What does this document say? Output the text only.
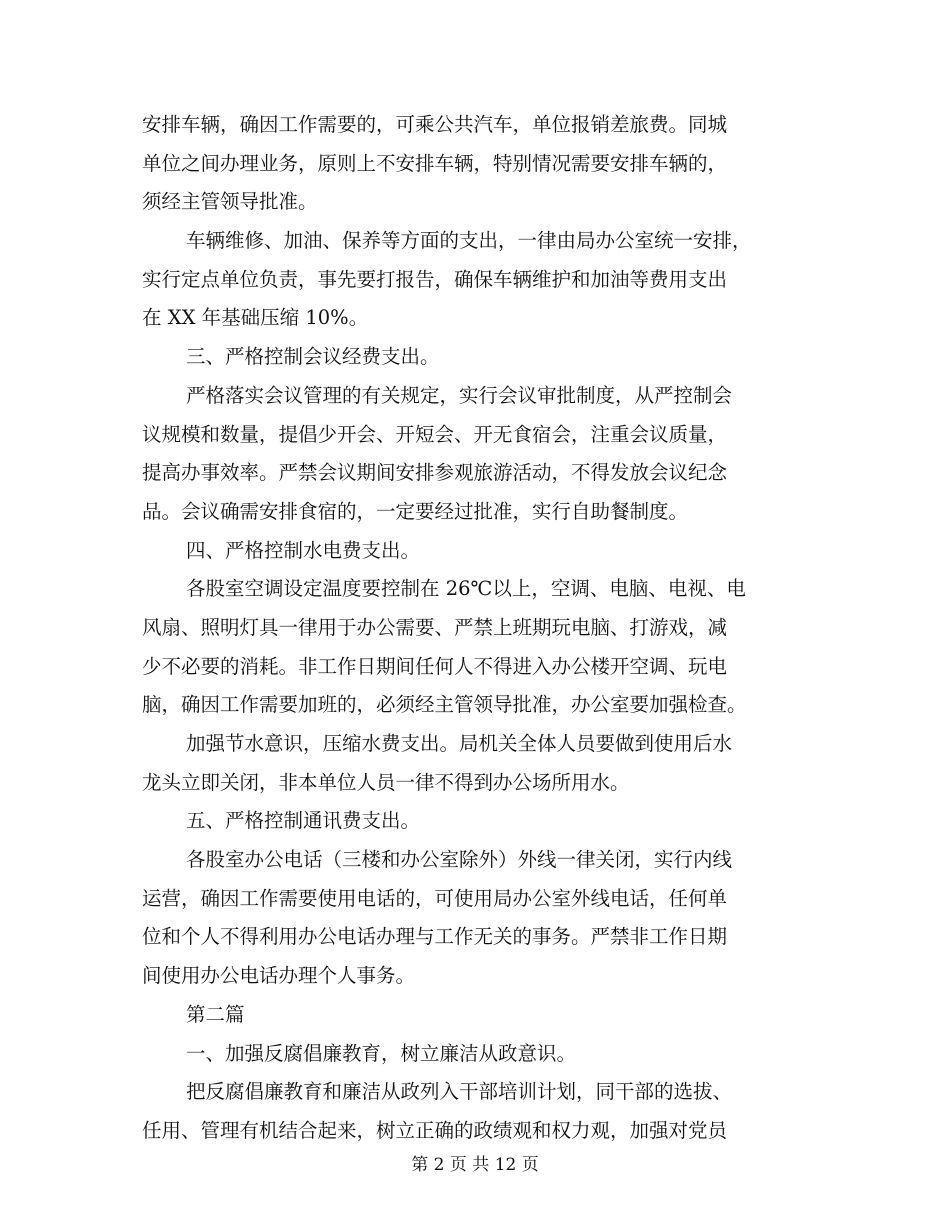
安排车辆，确因工作需要的，可乘公共汽车，单位报销差旅费。同城
单位之间办理业务，原则上不安排车辆，特别情况需要安排车辆的，
须经主管领导批准。
车辆维修、加油、保养等方面的支出，一律由局办公室统一安排，
实行定点单位负责，事先要打报告，确保车辆维护和加油等费用支出
在 XX 年基础压缩 10%。
三、严格控制会议经费支出。
严格落实会议管理的有关规定，实行会议审批制度，从严控制会
议规模和数量，提倡少开会、开短会、开无食宿会，注重会议质量，
提高办事效率。严禁会议期间安排参观旅游活动，不得发放会议纪念
品。会议确需安排食宿的，一定要经过批准，实行自助餐制度。
四、严格控制水电费支出。
各股室空调设定温度要控制在 26℃以上，空调、电脑、电视、电
风扇、照明灯具一律用于办公需要、严禁上班期玩电脑、打游戏，减
少不必要的消耗。非工作日期间任何人不得进入办公楼开空调、玩电
脑，确因工作需要加班的，必须经主管领导批准，办公室要加强检查。
加强节水意识，压缩水费支出。局机关全体人员要做到使用后水
龙头立即关闭，非本单位人员一律不得到办公场所用水。
五、严格控制通讯费支出。
各股室办公电话（三楼和办公室除外）外线一律关闭，实行内线
运营，确因工作需要使用电话的，可使用局办公室外线电话，任何单
位和个人不得利用办公电话办理与工作无关的事务。严禁非工作日期
间使用办公电话办理个人事务。
第二篇
一、加强反腐倡廉教育，树立廉洁从政意识。
把反腐倡廉教育和廉洁从政列入干部培训计划，同干部的选拔、
任用、管理有机结合起来，树立正确的政绩观和权力观，加强对党员
第 2 页 共 12 页
